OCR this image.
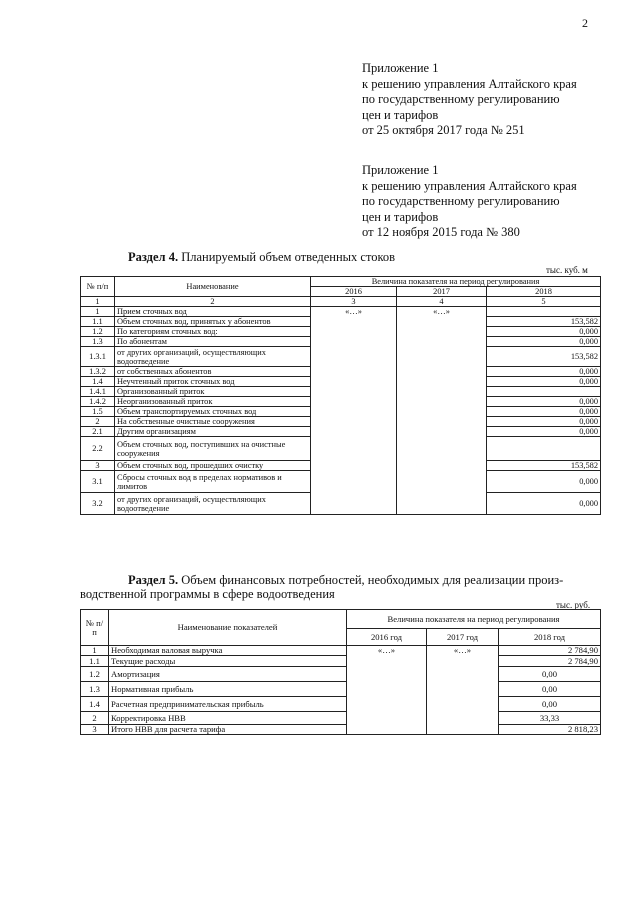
2
Приложение 1
к решению управления Алтайского края
по государственному регулированию
цен и тарифов
от 25 октября 2017 года № 251
Приложение 1
к решению управления Алтайского края
по государственному регулированию
цен и тарифов
от 12 ноября 2015 года № 380
Раздел 4. Планируемый объем отведенных стоков
тыс. куб. м
№ п/п	Наименование	Величина показателя на период регулирования		
		2016	2017	2018
1	2	3	4	5
1	Прием сточных вод	«…»	«…»	
1.1	Объем сточных вод, принятых у абонентов			153,582
1.2	По категориям сточных вод:			0,000
1.3	По абонентам			0,000
1.3.1	от других организаций, осуществляющих водоотведение			153,582
1.3.2	от собственных абонентов			0,000
1.4	Неучтенный приток сточных вод			0,000
1.4.1	Организованный приток			
1.4.2	Неорганизованный приток			0,000
1.5	Объем транспортируемых сточных вод			0,000
2	На собственные очистные сооружения			0,000
2.1	Другим организациям			0,000
2.2	Объем сточных вод, поступивших на очистные сооружения			
3	Объем сточных вод, прошедших очистку			153,582
3.1	Сбросы сточных вод в пределах нормативов и лимитов			0,000
3.2	от других организаций, осуществляющих водоотведение			0,000
Раздел 5. Объем финансовых потребностей, необходимых для реализации произ-
водственной программы в сфере водоотведения
тыс. руб.
№ п/ п	Наименование показателей	Величина показателя на период регулирования		
		2016 год	2017 год	2018 год
1	Необходимая валовая выручка	«…»	«…»	2 784,90
1.1	Текущие расходы			2 784,90
1.2	Амортизация			0,00
1.3	Нормативная прибыль			0,00
1.4	Расчетная предпринимательская прибыль			0,00
2	Корректировка НВВ			33,33
3	Итого НВВ для расчета тарифа			2 818,23
